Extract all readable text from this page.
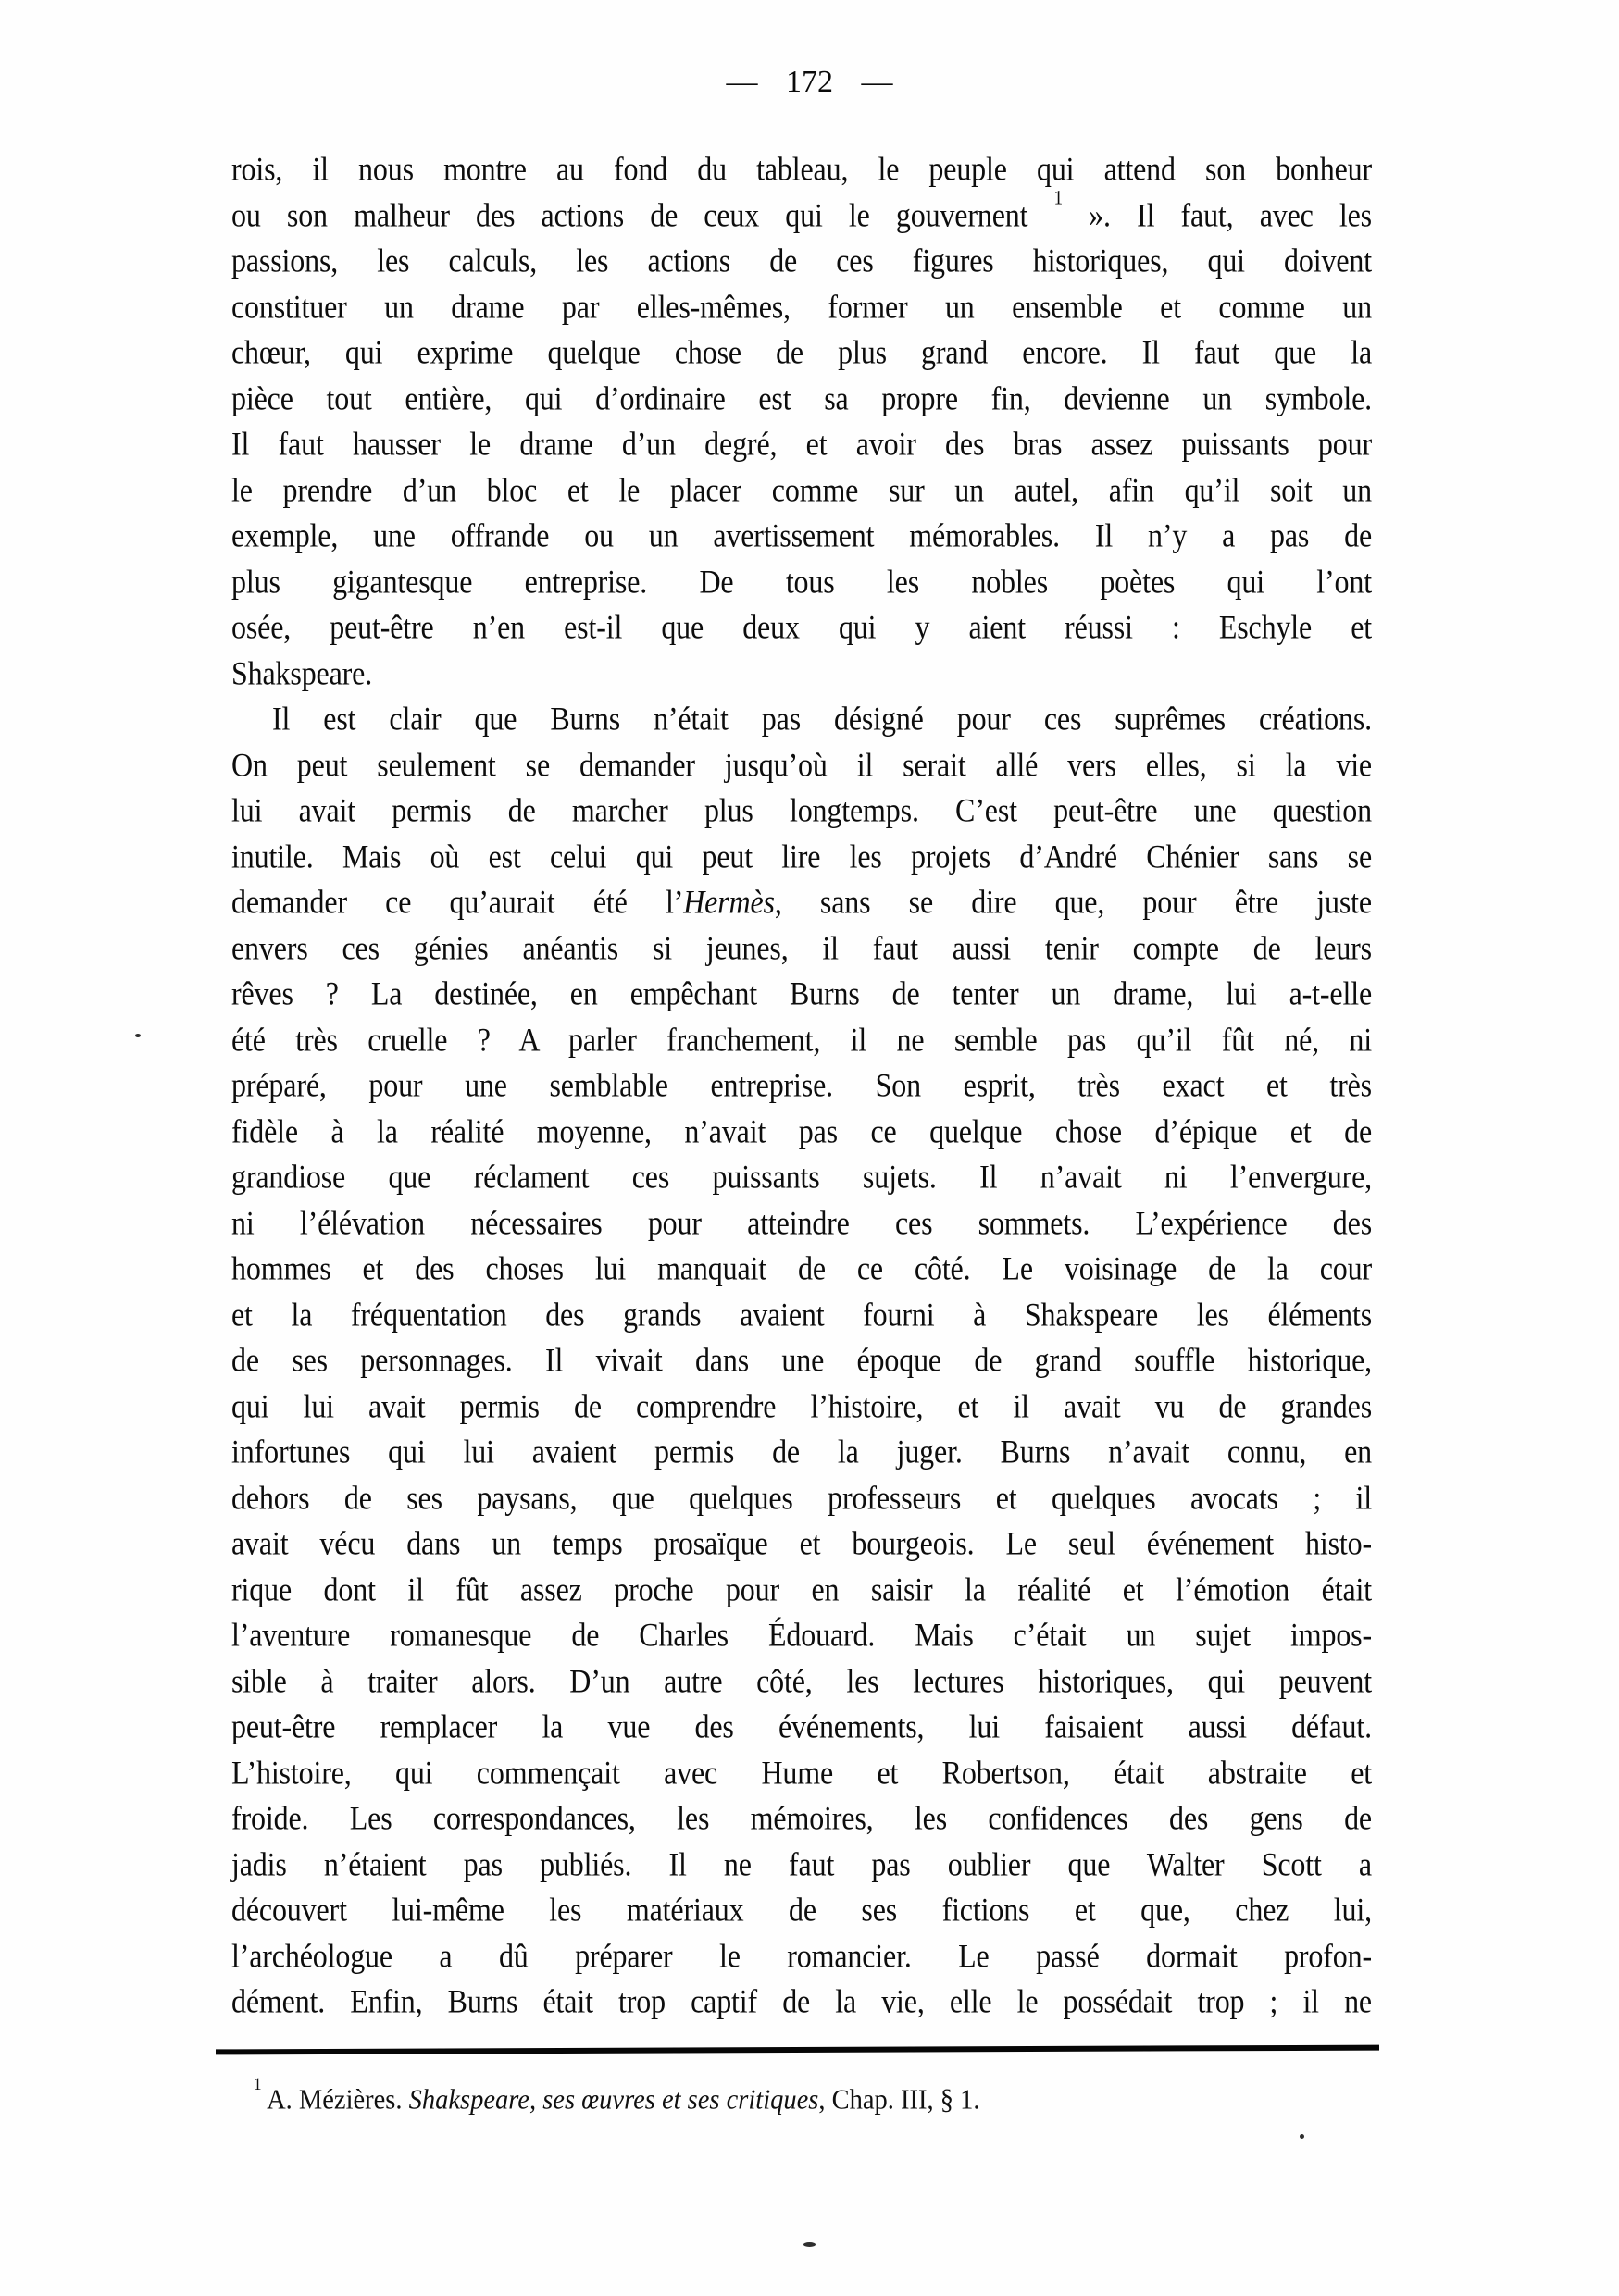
— 172 —
rois, il nous montre au fond du tableau, le peuple qui attend son bonheur
ou son malheur des actions de ceux qui le gouvernent $^1$ ». Il faut, avec les
passions, les calculs, les actions de ces figures historiques, qui doivent
constituer un drame par elles-mêmes, former un ensemble et comme un
chœur, qui exprime quelque chose de plus grand encore. Il faut que la
pièce tout entière, qui d’ordinaire est sa propre fin, devienne un symbole.
Il faut hausser le drame d’un degré, et avoir des bras assez puissants pour
le prendre d’un bloc et le placer comme sur un autel, afin qu’il soit un
exemple, une offrande ou un avertissement mémorables. Il n’y a pas de
plus gigantesque entreprise. De tous les nobles poètes qui l’ont
osée, peut-être n’en est-il que deux qui y aient réussi : Eschyle et
Shakspeare.
Il est clair que Burns n’était pas désigné pour ces suprêmes créations.
On peut seulement se demander jusqu’où il serait allé vers elles, si la vie
lui avait permis de marcher plus longtemps. C’est peut-être une question
inutile. Mais où est celui qui peut lire les projets d’André Chénier sans se
demander ce qu’aurait été l’Hermès, sans se dire que, pour être juste
envers ces génies anéantis si jeunes, il faut aussi tenir compte de leurs
rêves ? La destinée, en empêchant Burns de tenter un drame, lui a-t-elle
été très cruelle ? A parler franchement, il ne semble pas qu’il fût né, ni
préparé, pour une semblable entreprise. Son esprit, très exact et très
fidèle à la réalité moyenne, n’avait pas ce quelque chose d’épique et de
grandiose que réclament ces puissants sujets. Il n’avait ni l’envergure,
ni l’élévation nécessaires pour atteindre ces sommets. L’expérience des
hommes et des choses lui manquait de ce côté. Le voisinage de la cour
et la fréquentation des grands avaient fourni à Shakspeare les éléments
de ses personnages. Il vivait dans une époque de grand souffle historique,
qui lui avait permis de comprendre l’histoire, et il avait vu de grandes
infortunes qui lui avaient permis de la juger. Burns n’avait connu, en
dehors de ses paysans, que quelques professeurs et quelques avocats ; il
avait vécu dans un temps prosaïque et bourgeois. Le seul événement histo-
rique dont il fût assez proche pour en saisir la réalité et l’émotion était
l’aventure romanesque de Charles Édouard. Mais c’était un sujet impos-
sible à traiter alors. D’un autre côté, les lectures historiques, qui peuvent
peut-être remplacer la vue des événements, lui faisaient aussi défaut.
L’histoire, qui commençait avec Hume et Robertson, était abstraite et
froide. Les correspondances, les mémoires, les confidences des gens de
jadis n’étaient pas publiés. Il ne faut pas oublier que Walter Scott a
découvert lui-même les matériaux de ses fictions et que, chez lui,
l’archéologue a dû préparer le romancier. Le passé dormait profon-
dément. Enfin, Burns était trop captif de la vie, elle le possédait trop ; il ne
$^1$ A. Mézières. Shakspeare, ses œuvres et ses critiques, Chap. III, § 1.
